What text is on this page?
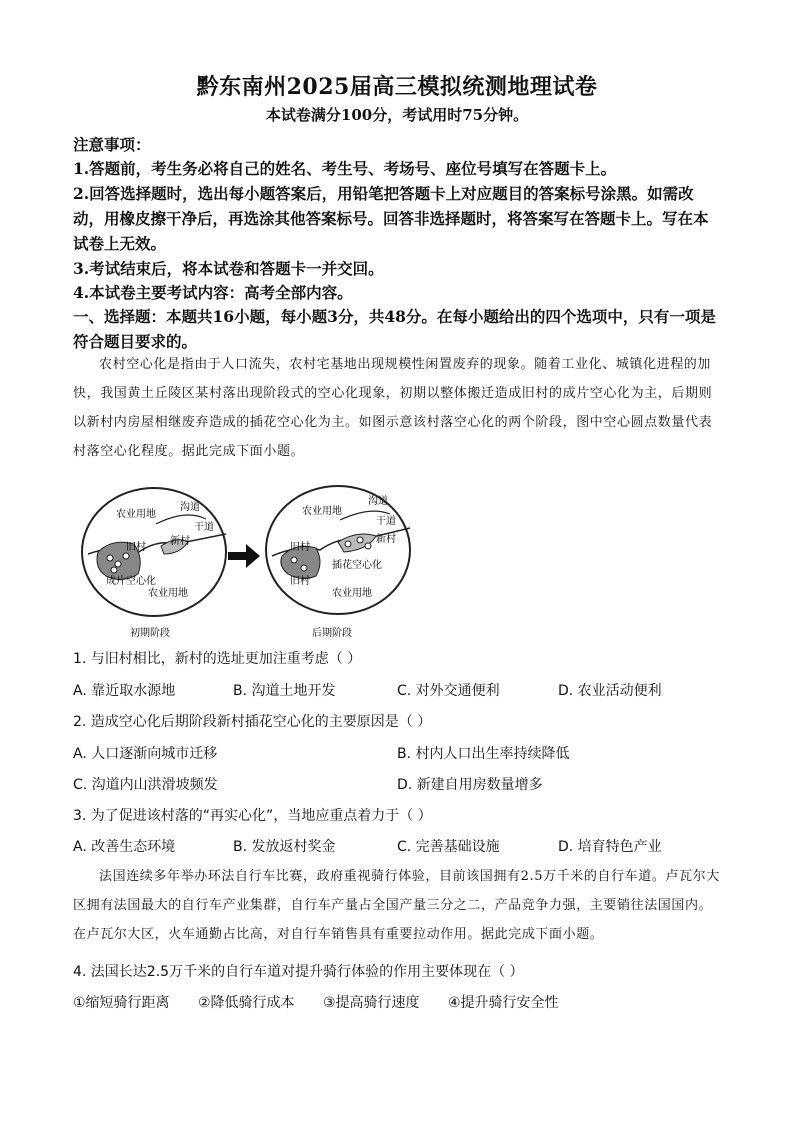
黔东南州2025届高三模拟统测地理试卷
本试卷满分100分，考试用时75分钟。
注意事项：
1.答题前，考生务必将自己的姓名、考生号、考场号、座位号填写在答题卡上。
2.回答选择题时，选出每小题答案后，用铅笔把答题卡上对应题目的答案标号涂黑。如需改动，用橡皮擦干净后，再选涂其他答案标号。回答非选择题时，将答案写在答题卡上。写在本试卷上无效。
3.考试结束后，将本试卷和答题卡一并交回。
4.本试卷主要考试内容：高考全部内容。
一、选择题：本题共16小题，每小题3分，共48分。在每小题给出的四个选项中，只有一项是符合题目要求的。
农村空心化是指由于人口流失，农村宅基地出现规模性闲置废弃的现象。随着工业化、城镇化进程的加快，我国黄土丘陵区某村落出现阶段式的空心化现象，初期以整体搬迁造成旧村的成片空心化为主，后期则以新村内房屋相继废弃造成的插花空心化为主。如图示意该村落空心化的两个阶段，图中空心圆点数量代表村落空心化程度。据此完成下面小题。
农业用地
沟道
干道
旧村
新村
成片空心化
农业用地
初期阶段
农业用地
沟道
干道
旧村
旧村
新村
插花空心化
农业用地
后期阶段
1. 与旧村相比，新村的选址更加注重考虑（ ）
A. 靠近取水源地	B. 沟道土地开发	C. 对外交通便利	D. 农业活动便利
2. 造成空心化后期阶段新村插花空心化的主要原因是（ ）
A. 人口逐渐向城市迁移	B. 村内人口出生率持续降低
C. 沟道内山洪滑坡频发	D. 新建自用房数量增多
3. 为了促进该村落的“再实心化”，当地应重点着力于（ ）
A. 改善生态环境	B. 发放返村奖金	C. 完善基础设施	D. 培育特色产业
法国连续多年举办环法自行车比赛，政府重视骑行体验，目前该国拥有2.5万千米的自行车道。卢瓦尔大区拥有法国最大的自行车产业集群，自行车产量占全国产量三分之二，产品竞争力强，主要销往法国国内。在卢瓦尔大区，火车通勤占比高，对自行车销售具有重要拉动作用。据此完成下面小题。
4. 法国长达2.5万千米的自行车道对提升骑行体验的作用主要体现在（ ）
①缩短骑行距离 ②降低骑行成本 ③提高骑行速度 ④提升骑行安全性
